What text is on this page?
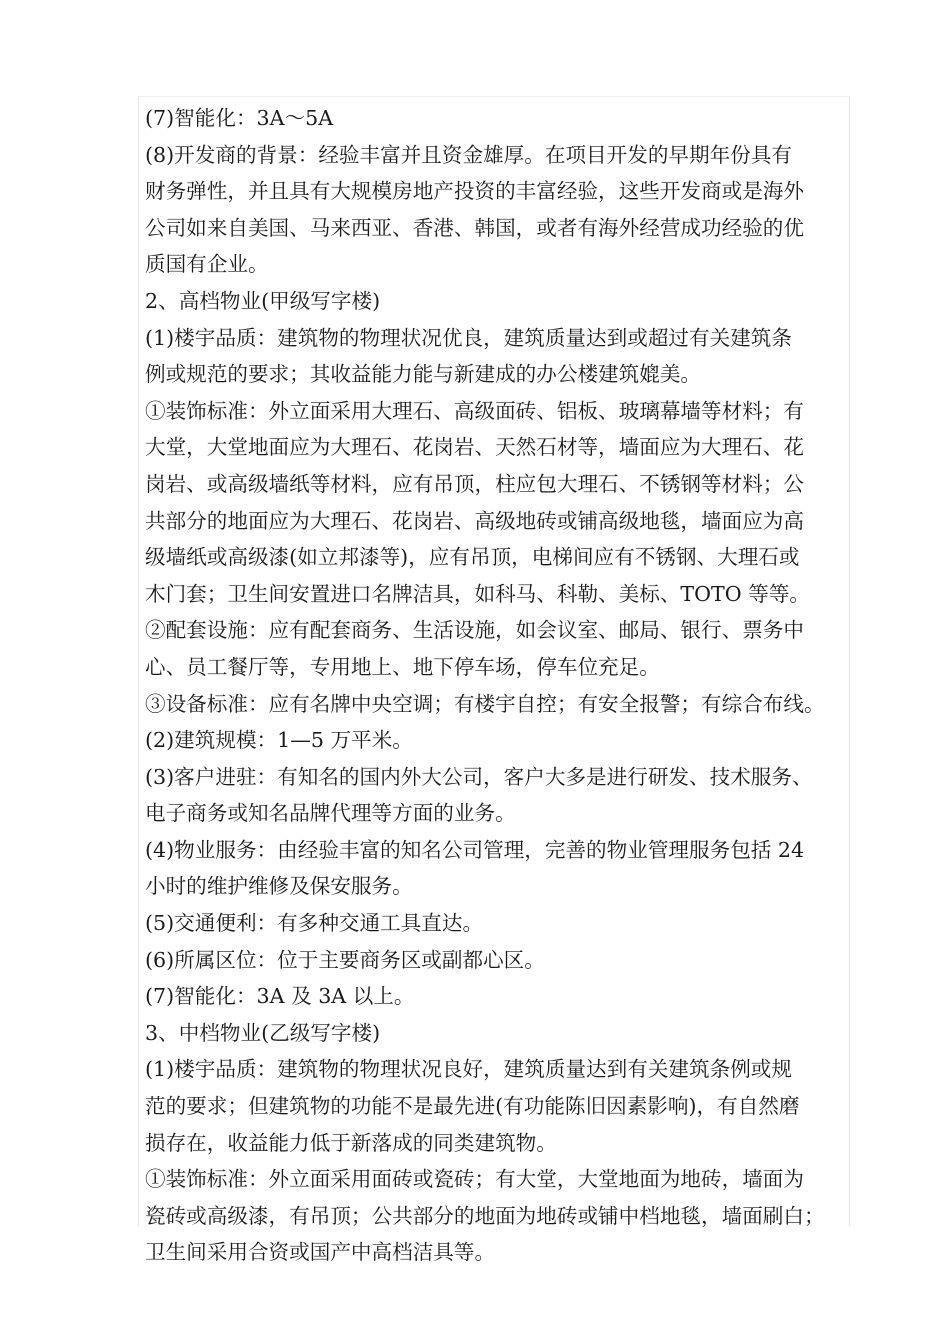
(7)智能化：3A～5A
(8)开发商的背景：经验丰富并且资金雄厚。在项目开发的早期年份具有
财务弹性，并且具有大规模房地产投资的丰富经验，这些开发商或是海外
公司如来自美国、马来西亚、香港、韩国，或者有海外经营成功经验的优
质国有企业。
2、高档物业(甲级写字楼)
(1)楼宇品质：建筑物的物理状况优良，建筑质量达到或超过有关建筑条
例或规范的要求；其收益能力能与新建成的办公楼建筑媲美。
①装饰标准：外立面采用大理石、高级面砖、铝板、玻璃幕墙等材料；有
大堂，大堂地面应为大理石、花岗岩、天然石材等，墙面应为大理石、花
岗岩、或高级墙纸等材料，应有吊顶，柱应包大理石、不锈钢等材料；公
共部分的地面应为大理石、花岗岩、高级地砖或铺高级地毯，墙面应为高
级墙纸或高级漆(如立邦漆等)，应有吊顶，电梯间应有不锈钢、大理石或
木门套；卫生间安置进口名牌洁具，如科马、科勒、美标、TOTO 等等。
②配套设施：应有配套商务、生活设施，如会议室、邮局、银行、票务中
心、员工餐厅等，专用地上、地下停车场，停车位充足。
③设备标准：应有名牌中央空调；有楼宇自控；有安全报警；有综合布线。
(2)建筑规模：1—5 万平米。
(3)客户进驻：有知名的国内外大公司，客户大多是进行研发、技术服务、
电子商务或知名品牌代理等方面的业务。
(4)物业服务：由经验丰富的知名公司管理，完善的物业管理服务包括 24
小时的维护维修及保安服务。
(5)交通便利：有多种交通工具直达。
(6)所属区位：位于主要商务区或副都心区。
(7)智能化：3A 及 3A 以上。
3、中档物业(乙级写字楼)
(1)楼宇品质：建筑物的物理状况良好，建筑质量达到有关建筑条例或规
范的要求；但建筑物的功能不是最先进(有功能陈旧因素影响)，有自然磨
损存在，收益能力低于新落成的同类建筑物。
①装饰标准：外立面采用面砖或瓷砖；有大堂，大堂地面为地砖，墙面为
瓷砖或高级漆，有吊顶；公共部分的地面为地砖或铺中档地毯，墙面刷白；
卫生间采用合资或国产中高档洁具等。
